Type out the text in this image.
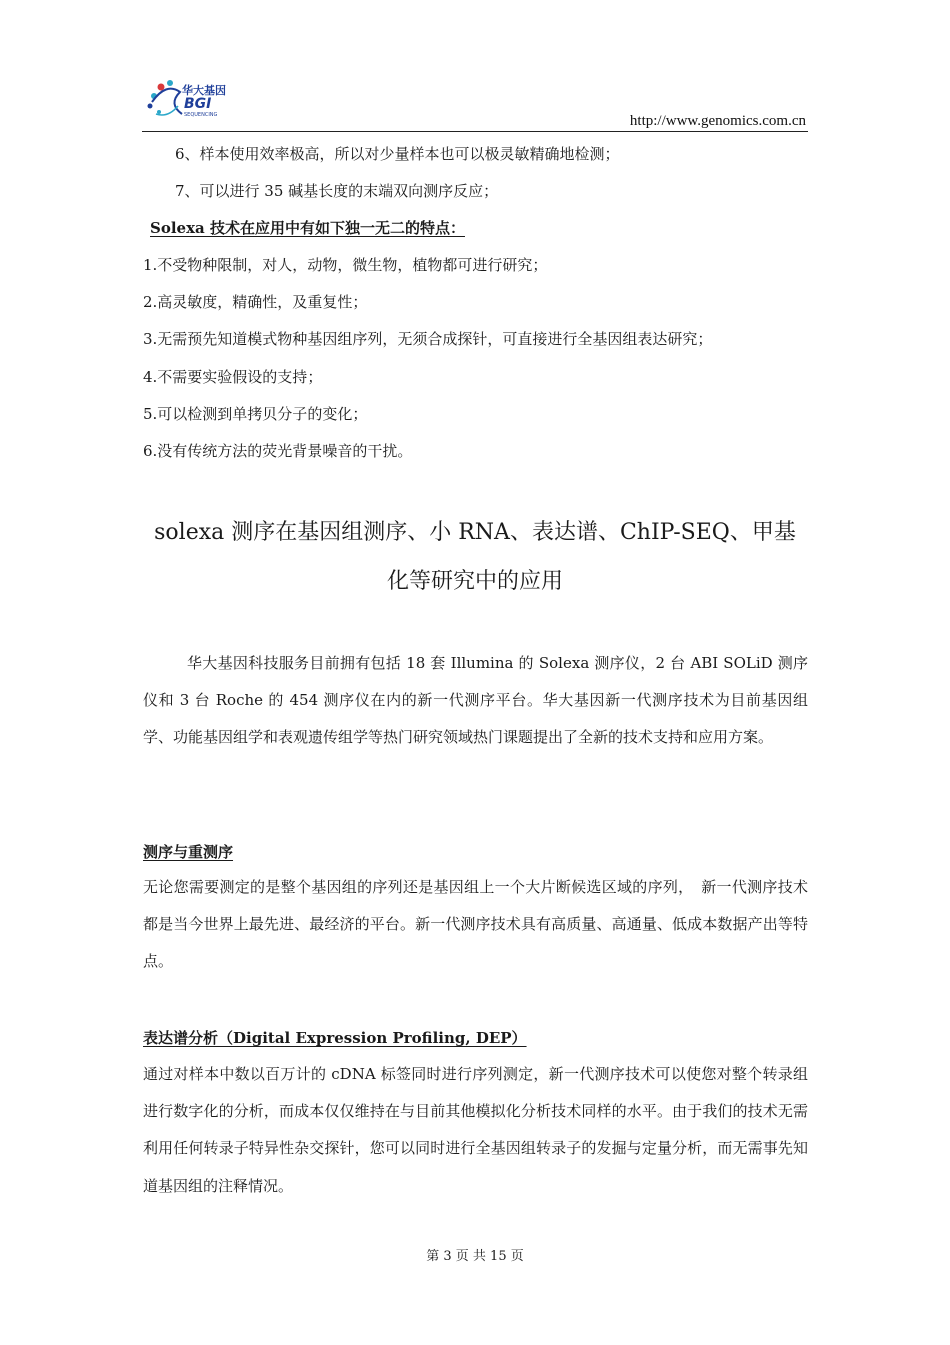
华大基因
BGI
SEQUENCING	http://www.genomics.com.cn
6、样本使用效率极高，所以对少量样本也可以极灵敏精确地检测；
7、可以进行 35 碱基长度的末端双向测序反应；
Solexa 技术在应用中有如下独一无二的特点：
1.不受物种限制，对人，动物，微生物，植物都可进行研究；
2.高灵敏度，精确性，及重复性；
3.无需预先知道模式物种基因组序列，无须合成探针，可直接进行全基因组表达研究；
4.不需要实验假设的支持；
5.可以检测到单拷贝分子的变化；
6.没有传统方法的荧光背景噪音的干扰。
solexa 测序在基因组测序、小 RNA、表达谱、ChIP-SEQ、甲基
化等研究中的应用

华大基因科技服务目前拥有包括 18 套 Illumina 的 Solexa 测序仪，2 台 ABI SOLiD 测序仪和 3 台 Roche 的 454 测序仪在内的新一代测序平台。华大基因新一代测序技术为目前基因组学、功能基因组学和表观遗传组学等热门研究领域热门课题提出了全新的技术支持和应用方案。

测序与重测序

无论您需要测定的是整个基因组的序列还是基因组上一个大片断候选区域的序列，　新一代测序技术都是当今世界上最先进、最经济的平台。新一代测序技术具有高质量、高通量、低成本数据产出等特点。

表达谱分析（Digital Expression Profiling, DEP）

通过对样本中数以百万计的 cDNA 标签同时进行序列测定，新一代测序技术可以使您对整个转录组进行数字化的分析，而成本仅仅维持在与目前其他模拟化分析技术同样的水平。由于我们的技术无需利用任何转录子特异性杂交探针，您可以同时进行全基因组转录子的发掘与定量分析，而无需事先知道基因组的注释情况。

第 3 页 共 15 页
